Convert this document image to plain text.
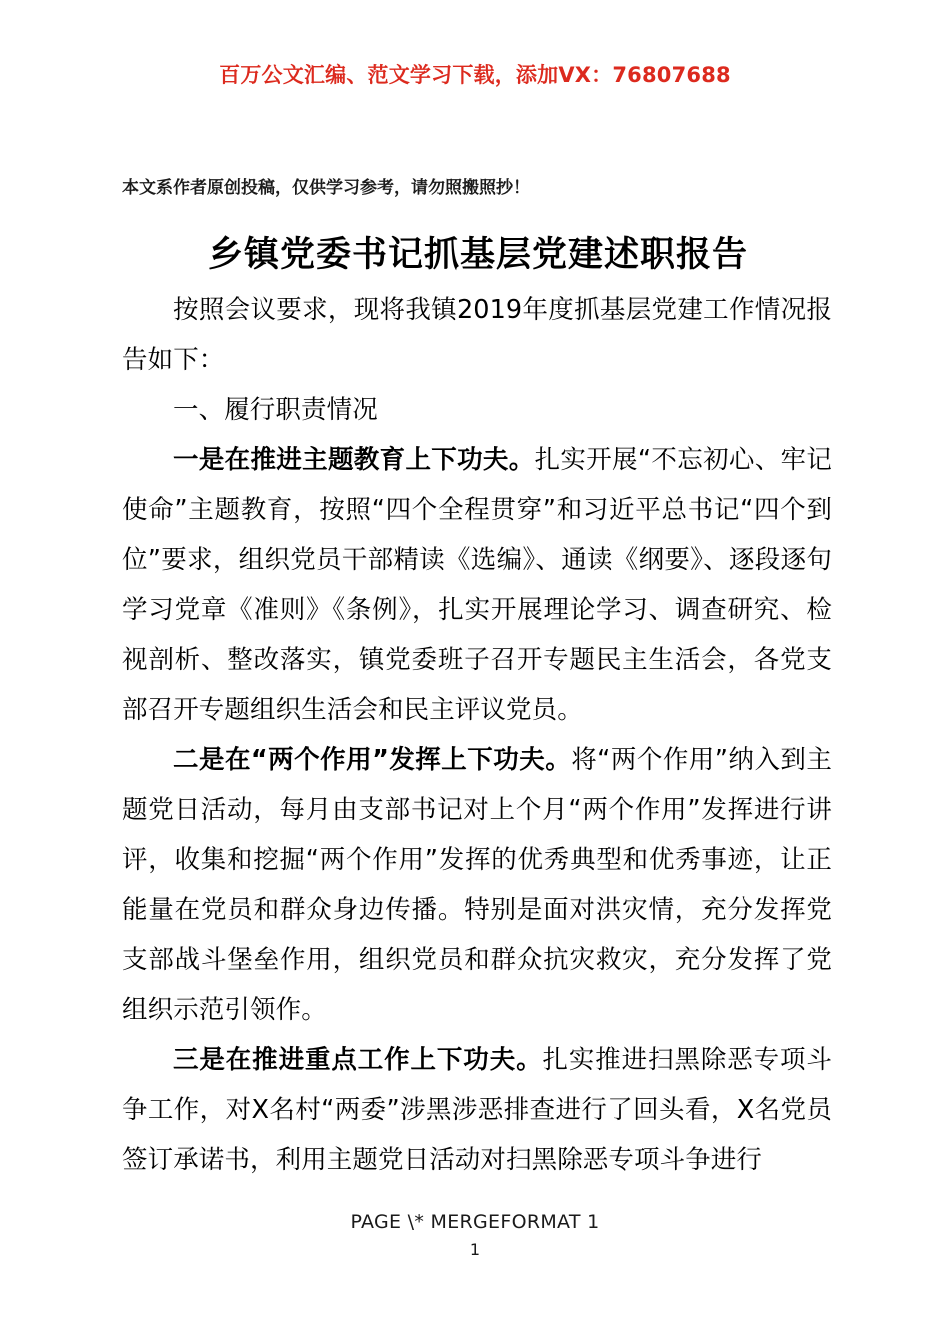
百万公文汇编、范文学习下载，添加VX：76807688
本文系作者原创投稿，仅供学习参考，请勿照搬照抄！
乡镇党委书记抓基层党建述职报告

按照会议要求，现将我镇2019年度抓基层党建工作情况报告如下：

一、履行职责情况

一是在推进主题教育上下功夫。扎实开展“不忘初心、牢记使命”主题教育，按照“四个全程贯穿”和习近平总书记“四个到位”要求，组织党员干部精读《选编》、通读《纲要》、逐段逐句学习党章《准则》《条例》，扎实开展理论学习、调查研究、检视剖析、整改落实，镇党委班子召开专题民主生活会，各党支部召开专题组织生活会和民主评议党员。

二是在“两个作用”发挥上下功夫。将“两个作用”纳入到主题党日活动，每月由支部书记对上个月“两个作用”发挥进行讲评，收集和挖掘“两个作用”发挥的优秀典型和优秀事迹，让正能量在党员和群众身边传播。特别是面对洪灾情，充分发挥党支部战斗堡垒作用，组织党员和群众抗灾救灾，充分发挥了党组织示范引领作。

三是在推进重点工作上下功夫。扎实推进扫黑除恶专项斗争工作，对X名村“两委”涉黑涉恶排查进行了回头看，X名党员签订承诺书，利用主题党日活动对扫黑除恶专项斗争进行

PAGE \* MERGEFORMAT 1
1
